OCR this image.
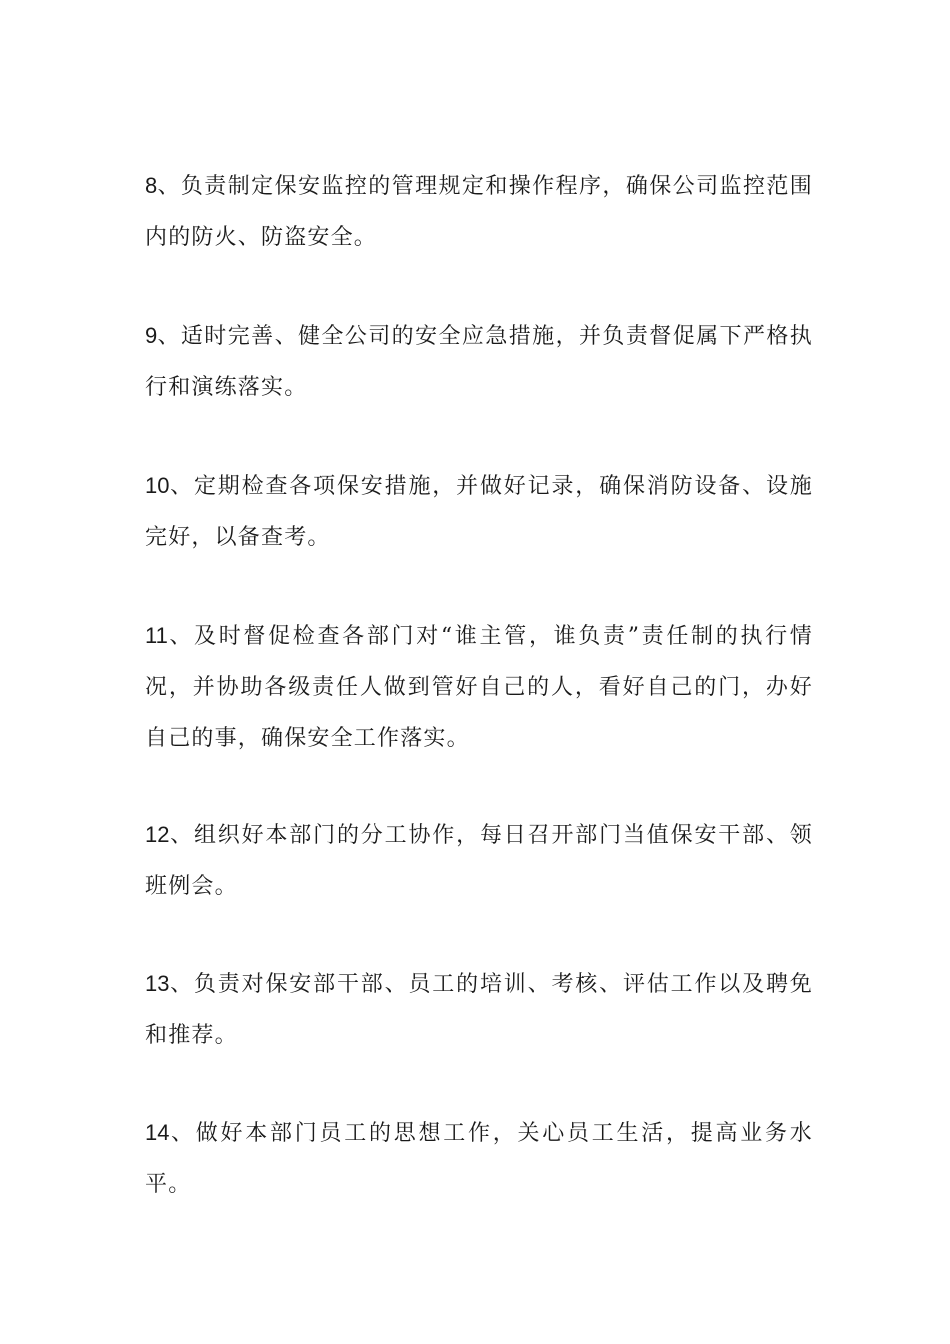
8、负责制定保安监控的管理规定和操作程序，确保公司监控范围内的防火、防盗安全。

9、适时完善、健全公司的安全应急措施，并负责督促属下严格执行和演练落实。

10、定期检查各项保安措施，并做好记录，确保消防设备、设施完好，以备查考。

11、及时督促检查各部门对“谁主管，谁负责”责任制的执行情况，并协助各级责任人做到管好自己的人，看好自己的门，办好自己的事，确保安全工作落实。

12、组织好本部门的分工协作，每日召开部门当值保安干部、领班例会。

13、负责对保安部干部、员工的培训、考核、评估工作以及聘免和推荐。

14、做好本部门员工的思想工作，关心员工生活，提高业务水平。
